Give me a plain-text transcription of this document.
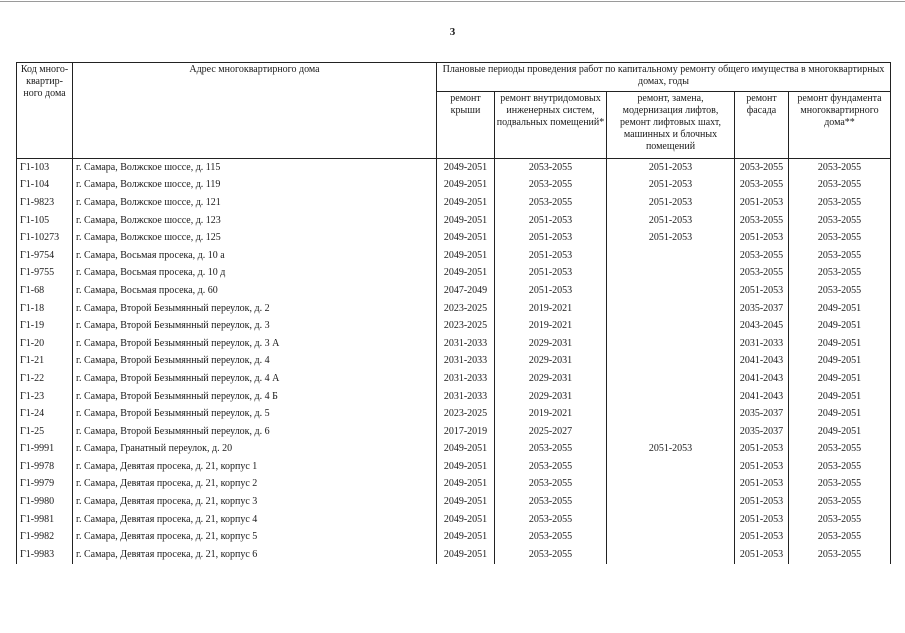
3
Код много-квартир-ного дома	Адрес многоквартирного дома	Плановые периоды проведения работ по капитальному ремонту общего имущества в многоквартирных домах, годы				
		ремонт крыши	ремонт внутридомовых инженерных систем, подвальных помещений*	ремонт, замена, модернизация лифтов, ремонт лифтовых шахт, машинных и блочных помещений	ремонт фасада	ремонт фундамента многоквартирного дома**
Г1-103	г. Самара, Волжское шоссе, д. 115	2049-2051	2053-2055	2051-2053	2053-2055	2053-2055
Г1-104	г. Самара, Волжское шоссе, д. 119	2049-2051	2053-2055	2051-2053	2053-2055	2053-2055
Г1-9823	г. Самара, Волжское шоссе, д. 121	2049-2051	2053-2055	2051-2053	2051-2053	2053-2055
Г1-105	г. Самара, Волжское шоссе, д. 123	2049-2051	2051-2053	2051-2053	2053-2055	2053-2055
Г1-10273	г. Самара, Волжское шоссе, д. 125	2049-2051	2051-2053	2051-2053	2051-2053	2053-2055
Г1-9754	г. Самара, Восьмая просека, д. 10 а	2049-2051	2051-2053		2053-2055	2053-2055
Г1-9755	г. Самара, Восьмая просека, д. 10 д	2049-2051	2051-2053		2053-2055	2053-2055
Г1-68	г. Самара, Восьмая просека, д. 60	2047-2049	2051-2053		2051-2053	2053-2055
Г1-18	г. Самара, Второй Безымянный переулок, д. 2	2023-2025	2019-2021		2035-2037	2049-2051
Г1-19	г. Самара, Второй Безымянный переулок, д. 3	2023-2025	2019-2021		2043-2045	2049-2051
Г1-20	г. Самара, Второй Безымянный переулок, д. 3 А	2031-2033	2029-2031		2031-2033	2049-2051
Г1-21	г. Самара, Второй Безымянный переулок, д. 4	2031-2033	2029-2031		2041-2043	2049-2051
Г1-22	г. Самара, Второй Безымянный переулок, д. 4 А	2031-2033	2029-2031		2041-2043	2049-2051
Г1-23	г. Самара, Второй Безымянный переулок, д. 4 Б	2031-2033	2029-2031		2041-2043	2049-2051
Г1-24	г. Самара, Второй Безымянный переулок, д. 5	2023-2025	2019-2021		2035-2037	2049-2051
Г1-25	г. Самара, Второй Безымянный переулок, д. 6	2017-2019	2025-2027		2035-2037	2049-2051
Г1-9991	г. Самара, Гранатный переулок, д. 20	2049-2051	2053-2055	2051-2053	2051-2053	2053-2055
Г1-9978	г. Самара, Девятая просека, д. 21, корпус 1	2049-2051	2053-2055		2051-2053	2053-2055
Г1-9979	г. Самара, Девятая просека, д. 21, корпус 2	2049-2051	2053-2055		2051-2053	2053-2055
Г1-9980	г. Самара, Девятая просека, д. 21, корпус 3	2049-2051	2053-2055		2051-2053	2053-2055
Г1-9981	г. Самара, Девятая просека, д. 21, корпус 4	2049-2051	2053-2055		2051-2053	2053-2055
Г1-9982	г. Самара, Девятая просека, д. 21, корпус 5	2049-2051	2053-2055		2051-2053	2053-2055
Г1-9983	г. Самара, Девятая просека, д. 21, корпус 6	2049-2051	2053-2055		2051-2053	2053-2055
